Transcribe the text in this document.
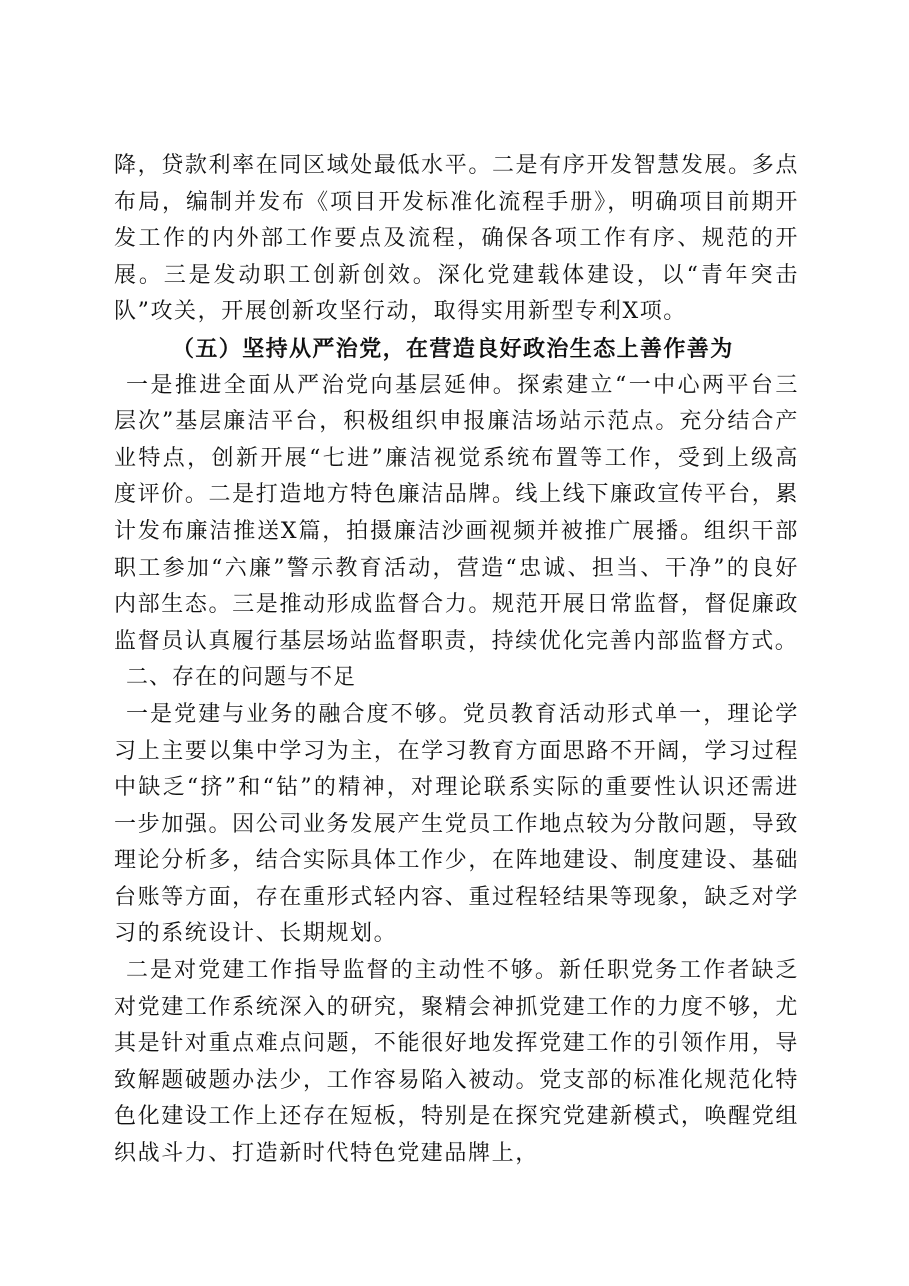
降，贷款利率在同区域处最低水平。二是有序开发智慧发展。多点布局，编制并发布《项目开发标准化流程手册》，明确项目前期开发工作的内外部工作要点及流程，确保各项工作有序、规范的开展。三是发动职工创新创效。深化党建载体建设，以“青年突击队”攻关，开展创新攻坚行动，取得实用新型专利X项。

（五）坚持从严治党，在营造良好政治生态上善作善为

一是推进全面从严治党向基层延伸。探索建立“一中心两平台三层次”基层廉洁平台，积极组织申报廉洁场站示范点。充分结合产业特点，创新开展“七进”廉洁视觉系统布置等工作，受到上级高度评价。二是打造地方特色廉洁品牌。线上线下廉政宣传平台，累计发布廉洁推送X篇，拍摄廉洁沙画视频并被推广展播。组织干部职工参加“六廉”警示教育活动，营造“忠诚、担当、干净”的良好内部生态。三是推动形成监督合力。规范开展日常监督，督促廉政监督员认真履行基层场站监督职责，持续优化完善内部监督方式。

二、存在的问题与不足

一是党建与业务的融合度不够。党员教育活动形式单一，理论学习上主要以集中学习为主，在学习教育方面思路不开阔，学习过程中缺乏“挤”和“钻”的精神，对理论联系实际的重要性认识还需进一步加强。因公司业务发展产生党员工作地点较为分散问题，导致理论分析多，结合实际具体工作少，在阵地建设、制度建设、基础台账等方面，存在重形式轻内容、重过程轻结果等现象，缺乏对学习的系统设计、长期规划。

二是对党建工作指导监督的主动性不够。新任职党务工作者缺乏对党建工作系统深入的研究，聚精会神抓党建工作的力度不够，尤其是针对重点难点问题，不能很好地发挥党建工作的引领作用，导致解题破题办法少，工作容易陷入被动。党支部的标准化规范化特色化建设工作上还存在短板，特别是在探究党建新模式，唤醒党组织战斗力、打造新时代特色党建品牌上，
